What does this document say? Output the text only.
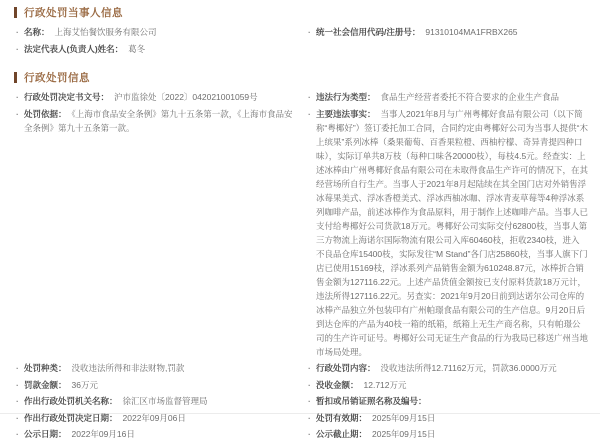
行政处罚当事人信息
· 名称： 上海艾怡餐饮服务有限公司	· 统一社会信用代码/注册号： 91310104MA1FRBX265
· 法定代表人(负责人)姓名： 葛冬
行政处罚信息
· 行政处罚决定书文号： 沪市监徐处〔2022〕042021001059号	· 违法行为类型： 食品生产经营者委托不符合要求的企业生产食品
· 处罚依据： 《上海市食品安全条例》第九十五条第一款，《上海市食品安全条例》第九十五条第一款。
· 主要违法事实： 当事人2021年8月与广州粤椰好食品有限公司（以下简称“粤椰好”）签订委托加工合同，合同约定由粤椰好公司为当事人提供“木上缤果”系列冰棒（桑果葡萄、百香果粒橙、西柚柠檬、奇异青提四种口味），实际订单共8万枝（每种口味各20000枝），每枝4.5元。经查实：上述冰棒由广州粤椰好食品有限公司在未取得食品生产许可的情况下，在其经营场所自行生产。当事人于2021年8月起陆续在其全国门店对外销售浮冰莓果美式、浮冰香橙美式、浮冰西柚冰咖、浮冰青麦草莓等4种浮冰系列咖啡产品，前述冰棒作为食品原料，用于制作上述咖啡产品。当事人已支付给粤椰好公司货款18万元。粤椰好公司实际交付62800枝，当事人第三方物流上海诺尔国际物流有限公司入库60460枝，拒收2340枝，进入不良品仓库15400枝，实际发往“M Stand”各门店25860枝，当事人旗下门店已使用15169枝，浮冰系列产品销售金额为610248.87元，冰棒折合销售金额为127116.22元。上述产品货值金额按已支付原料货款18万元计，违法所得127116.22元。另查实：2021年9月20日前到达诺尔公司仓库的冰棒产品独立外包装印有广州帕璟食品有限公司的生产信息。9月20日后到达仓库的产品为40枝一箱的纸箱，纸箱上无生产商名称，只有帕璟公司的生产许可证号。粤椰好公司无证生产食品的行为我局已移送广州当地市场局处理。
· 处罚种类： 没收违法所得和非法财物,罚款	· 行政处罚内容： 没收违法所得12.71162万元，罚款36.0000万元
· 罚款金额： 36万元	· 没收金额： 12.712万元
· 作出行政处罚机关名称： 徐汇区市场监督管理局	· 暂扣或吊销证照名称及编号：
· 作出行政处罚决定日期： 2022年09月06日	· 处罚有效期： 2025年09月15日
· 公示日期： 2022年09月16日	· 公示截止期： 2025年09月15日
